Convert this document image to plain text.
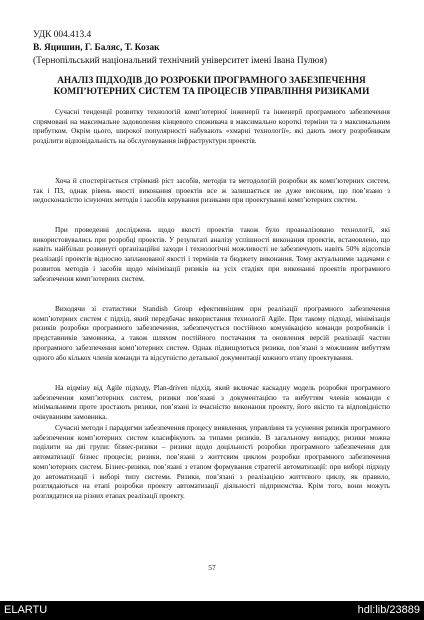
УДК 004.413.4
В. Яцишин, Г. Баляс, Т. Козак
(Тернопільський національний технічний університет імені Івана Пулюя)
АНАЛІЗ ПІДХОДІВ ДО РОЗРОБКИ ПРОГРАМНОГО ЗАБЕЗПЕЧЕННЯ
КОМП’ЮТЕРНИХ СИСТЕМ ТА ПРОЦЕСІВ УПРАВЛІННЯ РИЗИКАМИ

Сучасні тенденції розвитку технологій комп’ютерної інженерії та інженерії програмного забезпечення спрямовані на максимальне задоволення кінцевого споживача в максимально короткі терміни та з максимальним прибутком. Окрім цього, широкої популярності набувають «хмарні технології», які дають змогу розробникам розділити відповідальність на обслуговування інфраструктури проектів.

Хоча й спостерігається стрімкий ріст засобів, методів та методологій розробки як комп’ютерних систем, так і ПЗ, однак рівень якості виконання проектів все ж залишається не дуже високим, що пов’язано з недосконалістю існуючих методів і засобів керування ризиками при проектуванні комп’ютерних систем.

При проведенні досліджень щодо якості проектів також було проаналізовано технології, які використовувались при розробці проектів. У результаті аналізу успішності виконання проектів, встановлено, що навіть найбільш розвинуті організаційні заходи і технологічні можливості не забезпечують навіть 50% відсотків реалізації проектів відносно запланованої якості і термінів та бюджету виконання. Тому актуальними задачами є розвиток методів і засобів щодо мінімізації ризиків на усіх стадіях при виконанні проектів програмного забезпечення комп’ютерних систем.

Виходячи зі статистики Standish Group ефективнішим при реалізації програмного забезпечення комп’ютерних систем є підхід, який передбачає використання технології Agile. При такому підході, мінімізація ризиків розробки програмного забезпечення, забезпечується постійною комунікацією команди розробників і представників замовника, а також шляхом постійного постачання та оновлення версій реалізації частин програмного забезпечення комп’ютерних систем. Однак підвищуються ризики, пов’язані з можливим вибуттям одного або кількох членів команди та відсутністю детальної документації кожного етапу проектування.

На відміну від Agile підходу, Plan-driven підхід, який включає каскадну модель розробки програмного забезпечення комп’ютерних систем, ризики пов’язані з документацією та вибуттям членів команди є мінімальними проте зростають ризики, пов’язані із вчасністю виконання проекту, його якістю та відповідністю очікуванням замовника.

Сучасні методи і парадигми забезпечення процесу виявлення, управління та усунення ризиків програмного забезпечення комп’ютерних систем класифікують за типами ризиків. В загальному випадку, ризики можна поділити на дві групи: бізнес-ризики – ризики щодо доцільності розробки програмного забезпечення для автоматизації бізнес процесів; ризики, пов’язані з життєвим циклом розробки програмного забезпечення комп’ютерних систем. Бізнес-ризики, пов’язані з етапом формування стратегії автоматизації: при виборі підходу до автоматизації і виборі типу системи. Ризики, пов’язані з реалізацією життєвого циклу, як правило, розглядаються на етапі розробки проекту автоматизації діяльності підприємства. Крім того, вони можуть розглядатися на різних етапах реалізації проекту.

57
ELARTU	hdl:lib/23889
